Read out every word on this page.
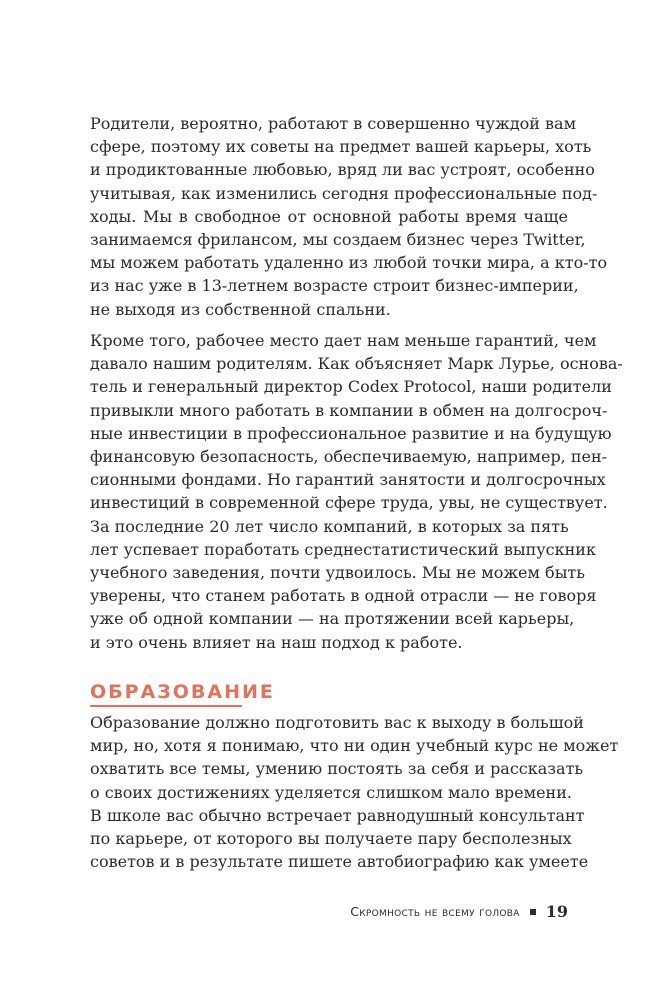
Родители, вероятно, работают в совершенно чуждой вам
сфере, поэтому их советы на предмет вашей карьеры, хоть
и продиктованные любовью, вряд ли вас устроят, особенно
учитывая, как изменились сегодня профессиональные под-
ходы. Мы в свободное от основной работы время чаще
занимаемся фрилансом, мы создаем бизнес через Twitter,
мы можем работать удаленно из любой точки мира, а кто-то
из нас уже в 13-летнем возрасте строит бизнес-империи,
не выходя из собственной спальни.
Кроме того, рабочее место дает нам меньше гарантий, чем
давало нашим родителям. Как объясняет Марк Лурье, основа-
тель и генеральный директор Codex Protocol, наши родители
привыкли много работать в компании в обмен на долгосроч-
ные инвестиции в профессиональное развитие и на будущую
финансовую безопасность, обеспечиваемую, например, пен-
сионными фондами. Но гарантий занятости и долгосрочных
инвестиций в современной сфере труда, увы, не существует.
За последние 20 лет число компаний, в которых за пять
лет успевает поработать среднестатистический выпускник
учебного заведения, почти удвоилось. Мы не можем быть
уверены, что станем работать в одной отрасли — не говоря
уже об одной компании — на протяжении всей карьеры,
и это очень влияет на наш подход к работе.
ОБРАЗОВАНИЕ
Образование должно подготовить вас к выходу в большой
мир, но, хотя я понимаю, что ни один учебный курс не может
охватить все темы, умению постоять за себя и рассказать
о своих достижениях уделяется слишком мало времени.
В школе вас обычно встречает равнодушный консультант
по карьере, от которого вы получаете пару бесполезных
советов и в результате пишете автобиографию как умеете
Скромность не всему голова 19
